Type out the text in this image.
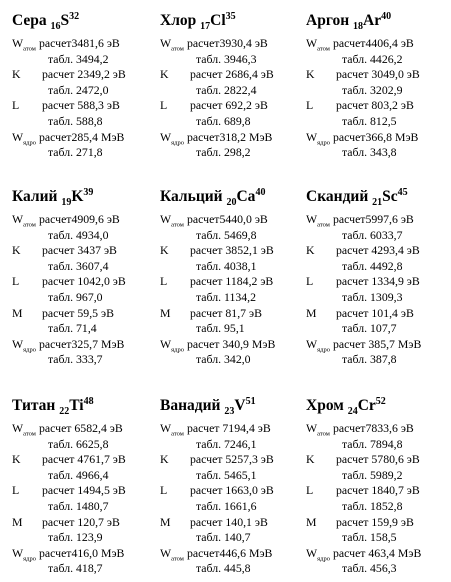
Сера $_{16}S^{32}$
$W_{атом}$ расчет3481,6 эВ
табл. 3494,2
K расчет 2349,2 эВ
табл. 2472,0
L расчет 588,3 эВ
табл. 588,8
$W_{ядро}$ расчет285,4 МэВ
табл. 271,8
Хлор $_{17}Cl^{35}$
$W_{атом}$ расчет3930,4 эВ
табл. 3946,3
K расчет 2686,4 эВ
табл. 2822,4
L расчет 692,2 эВ
табл. 689,8
$W_{ядро}$ расчет318,2 МэВ
табл. 298,2
Аргон $_{18}Ar^{40}$
$W_{атом}$ расчет4406,4 эВ
табл. 4426,2
K расчет 3049,0 эВ
табл. 3202,9
L расчет 803,2 эВ
табл. 812,5
$W_{ядро}$ расчет366,8 МэВ
табл. 343,8
Калий $_{19}K^{39}$
$W_{атом}$ расчет4909,6 эВ
табл. 4934,0
K расчет 3437 эВ
табл. 3607,4
L расчет 1042,0 эВ
табл. 967,0
M расчет 59,5 эВ
табл. 71,4
$W_{ядро}$ расчет325,7 МэВ
табл. 333,7
Кальций $_{20}Ca^{40}$
$W_{атом}$ расчет5440,0 эВ
табл. 5469,8
K расчет 3852,1 эВ
табл. 4038,1
L расчет 1184,2 эВ
табл. 1134,2
M расчет 81,7 эВ
табл. 95,1
$W_{ядро}$ расчет 340,9 МэВ
табл. 342,0
Скандий $_{21}Sc^{45}$
$W_{атом}$ расчет5997,6 эВ
табл. 6033,7
K расчет 4293,4 эВ
табл. 4492,8
L расчет 1334,9 эВ
табл. 1309,3
M расчет 101,4 эВ
табл. 107,7
$W_{ядро}$ расчет 385,7 МэВ
табл. 387,8
Титан $_{22}Ti^{48}$
$W_{атом}$ расчет 6582,4 эВ
табл. 6625,8
K расчет 4761,7 эВ
табл. 4966,4
L расчет 1494,5 эВ
табл. 1480,7
M расчет 120,7 эВ
табл. 123,9
$W_{ядро}$ расчет416,0 МэВ
табл. 418,7
Ванадий $_{23}V^{51}$
$W_{атом}$ расчет 7194,4 эВ
табл. 7246,1
K расчет 5257,3 эВ
табл. 5465,1
L расчет 1663,0 эВ
табл. 1661,6
M расчет 140,1 эВ
табл. 140,7
$W_{атом}$ расчет446,6 МэВ
табл. 445,8
Хром $_{24}Cr^{52}$
$W_{атом}$ расчет7833,6 эВ
табл. 7894,8
K расчет 5780,6 эВ
табл. 5989,2
L расчет 1840,7 эВ
табл. 1852,8
M расчет 159,9 эВ
табл. 158,5
$W_{ядро}$ расчет 463,4 МэВ
табл. 456,3
